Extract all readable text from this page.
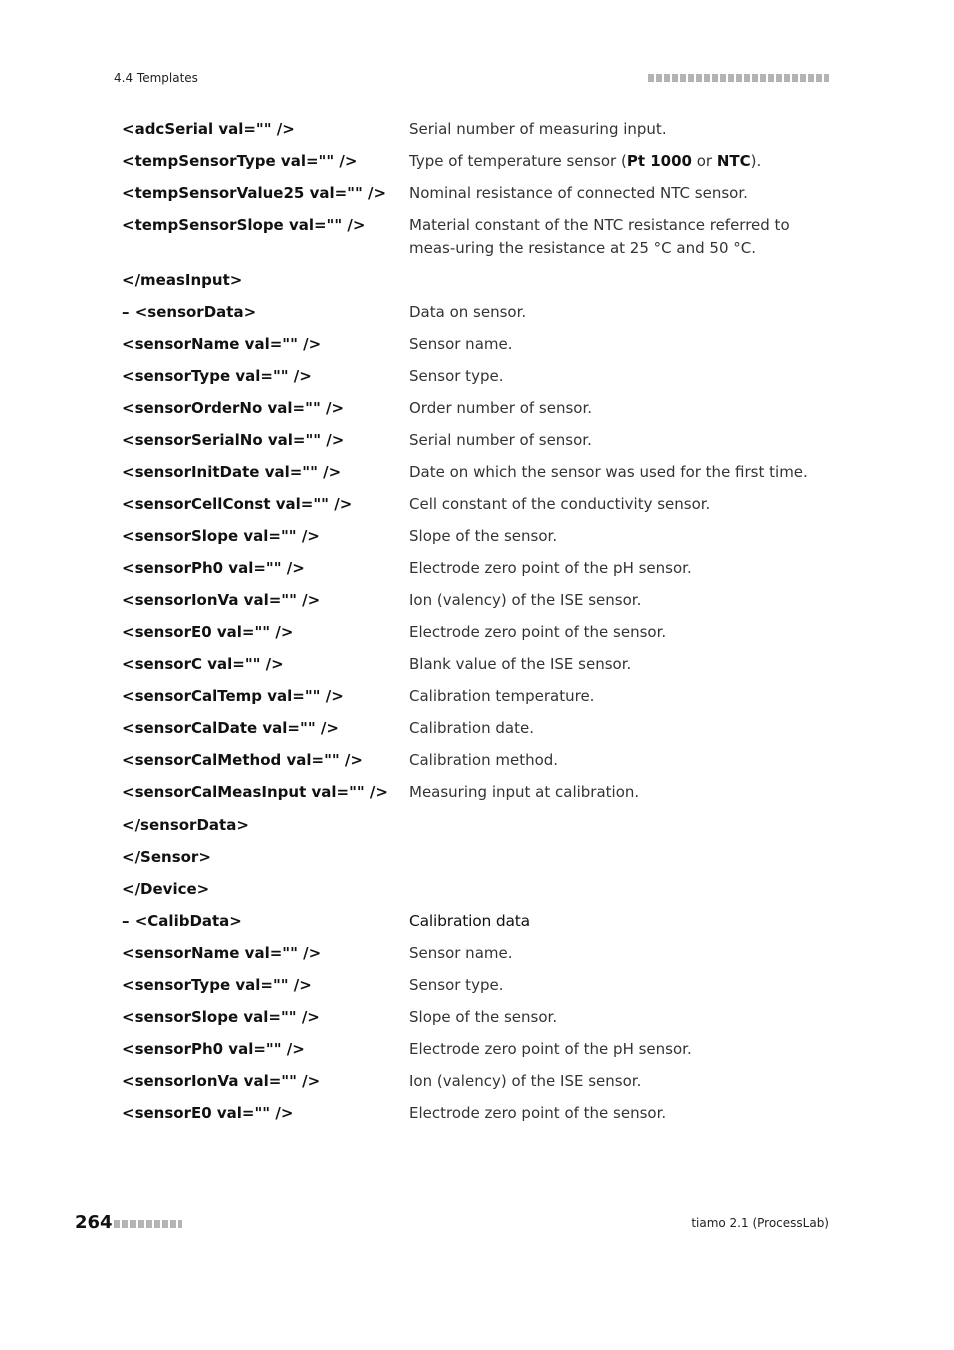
4.4 Templates
<adcSerial val="" />	Serial number of measuring input.
<tempSensorType val="" />	Type of temperature sensor (Pt 1000 or NTC).
<tempSensorValue25 val="" /> Nominal resistance of connected NTC sensor.
<tempSensorSlope val="" />	Material constant of the NTC resistance referred to meas-uring the resistance at 25 °C and 50 °C.
</measInput>
– <sensorData>	Data on sensor.
<sensorName val="" />	Sensor name.
<sensorType val="" />	Sensor type.
<sensorOrderNo val="" />	Order number of sensor.
<sensorSerialNo val="" />	Serial number of sensor.
<sensorInitDate val="" />	Date on which the sensor was used for the first time.
<sensorCellConst val="" />	Cell constant of the conductivity sensor.
<sensorSlope val="" />	Slope of the sensor.
<sensorPh0 val="" />	Electrode zero point of the pH sensor.
<sensorIonVa val="" />	Ion (valency) of the ISE sensor.
<sensorE0 val="" />	Electrode zero point of the sensor.
<sensorC val="" />	Blank value of the ISE sensor.
<sensorCalTemp val="" />	Calibration temperature.
<sensorCalDate val="" />	Calibration date.
<sensorCalMethod val="" />	Calibration method.
<sensorCalMeasInput val="" /> Measuring input at calibration.
</sensorData>
</Sensor>
</Device>
– <CalibData>	Calibration data
<sensorName val="" />	Sensor name.
<sensorType val="" />	Sensor type.
<sensorSlope val="" />	Slope of the sensor.
<sensorPh0 val="" />	Electrode zero point of the pH sensor.
<sensorIonVa val="" />	Ion (valency) of the ISE sensor.
<sensorE0 val="" />	Electrode zero point of the sensor.
264	tiamo 2.1 (ProcessLab)
